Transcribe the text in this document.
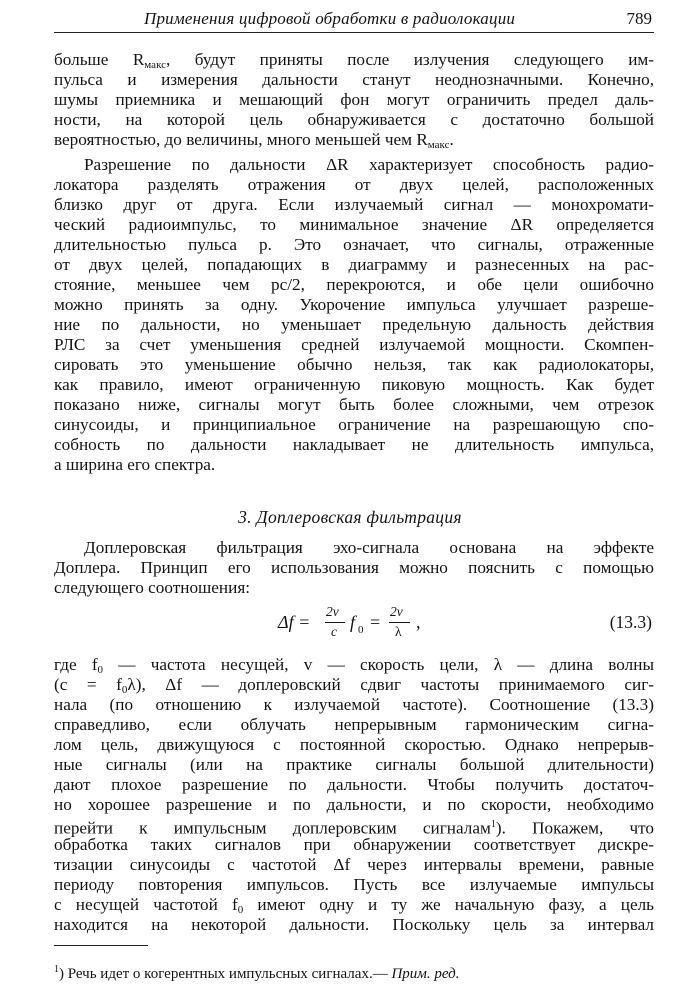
Применения цифровой обработки в радиолокации	789
больше $R_{макс}$, будут приняты после излучения следующего им-
пульса и измерения дальности станут неоднозначными. Конечно,
шумы приемника и мешающий фон могут ограничить предел даль-
ности, на которой цель обнаруживается с достаточно большой
вероятностью, до величины, много меньшей чем $R_{макс}$.
Разрешение по дальности ΔR характеризует способность радио-
локатора разделять отражения от двух целей, расположенных
близко друг от друга. Если излучаемый сигнал — монохромати-
ческий радиоимпульс, то минимальное значение ΔR определяется
длительностью пульса p. Это означает, что сигналы, отраженные
от двух целей, попадающих в диаграмму и разнесенных на рас-
стояние, меньшее чем pc/2, перекроются, и обе цели ошибочно
можно принять за одну. Укорочение импульса улучшает разреше-
ние по дальности, но уменьшает предельную дальность действия
РЛС за счет уменьшения средней излучаемой мощности. Скомпен-
сировать это уменьшение обычно нельзя, так как радиолокаторы,
как правило, имеют ограниченную пиковую мощность. Как будет
показано ниже, сигналы могут быть более сложными, чем отрезок
синусоиды, и принципиальное ограничение на разрешающую спо-
собность по дальности накладывает не длительность импульса,
а ширина его спектра.
3. Доплеровская фильтрация
Доплеровская фильтрация эхо-сигнала основана на эффекте
Доплера. Принцип его использования можно пояснить с помощью
следующего соотношения:
Δf =
2v
c f 0 =
2v
λ ,	(13.3)
где $f_0$ — частота несущей, v — скорость цели, λ — длина волны
$(c = f_0\lambda)$, Δf — доплеровский сдвиг частоты принимаемого сиг-
нала (по отношению к излучаемой частоте). Соотношение (13.3)
справедливо, если облучать непрерывным гармоническим сигна-
лом цель, движущуюся с постоянной скоростью. Однако непрерыв-
ные сигналы (или на практике сигналы большой длительности)
дают плохое разрешение по дальности. Чтобы получить достаточ-
но хорошее разрешение и по дальности, и по скорости, необходимо
перейти к импульсным доплеровским сигналам$^1$). Покажем, что
обработка таких сигналов при обнаружении соответствует дискре-
тизации синусоиды с частотой Δf через интервалы времени, равные
периоду повторения импульсов. Пусть все излучаемые импульсы
с несущей частотой $f_0$ имеют одну и ту же начальную фазу, а цель
находится на некоторой дальности. Поскольку цель за интервал
$^1$) Речь идет о когерентных импульсных сигналах.— Прим. ред.
